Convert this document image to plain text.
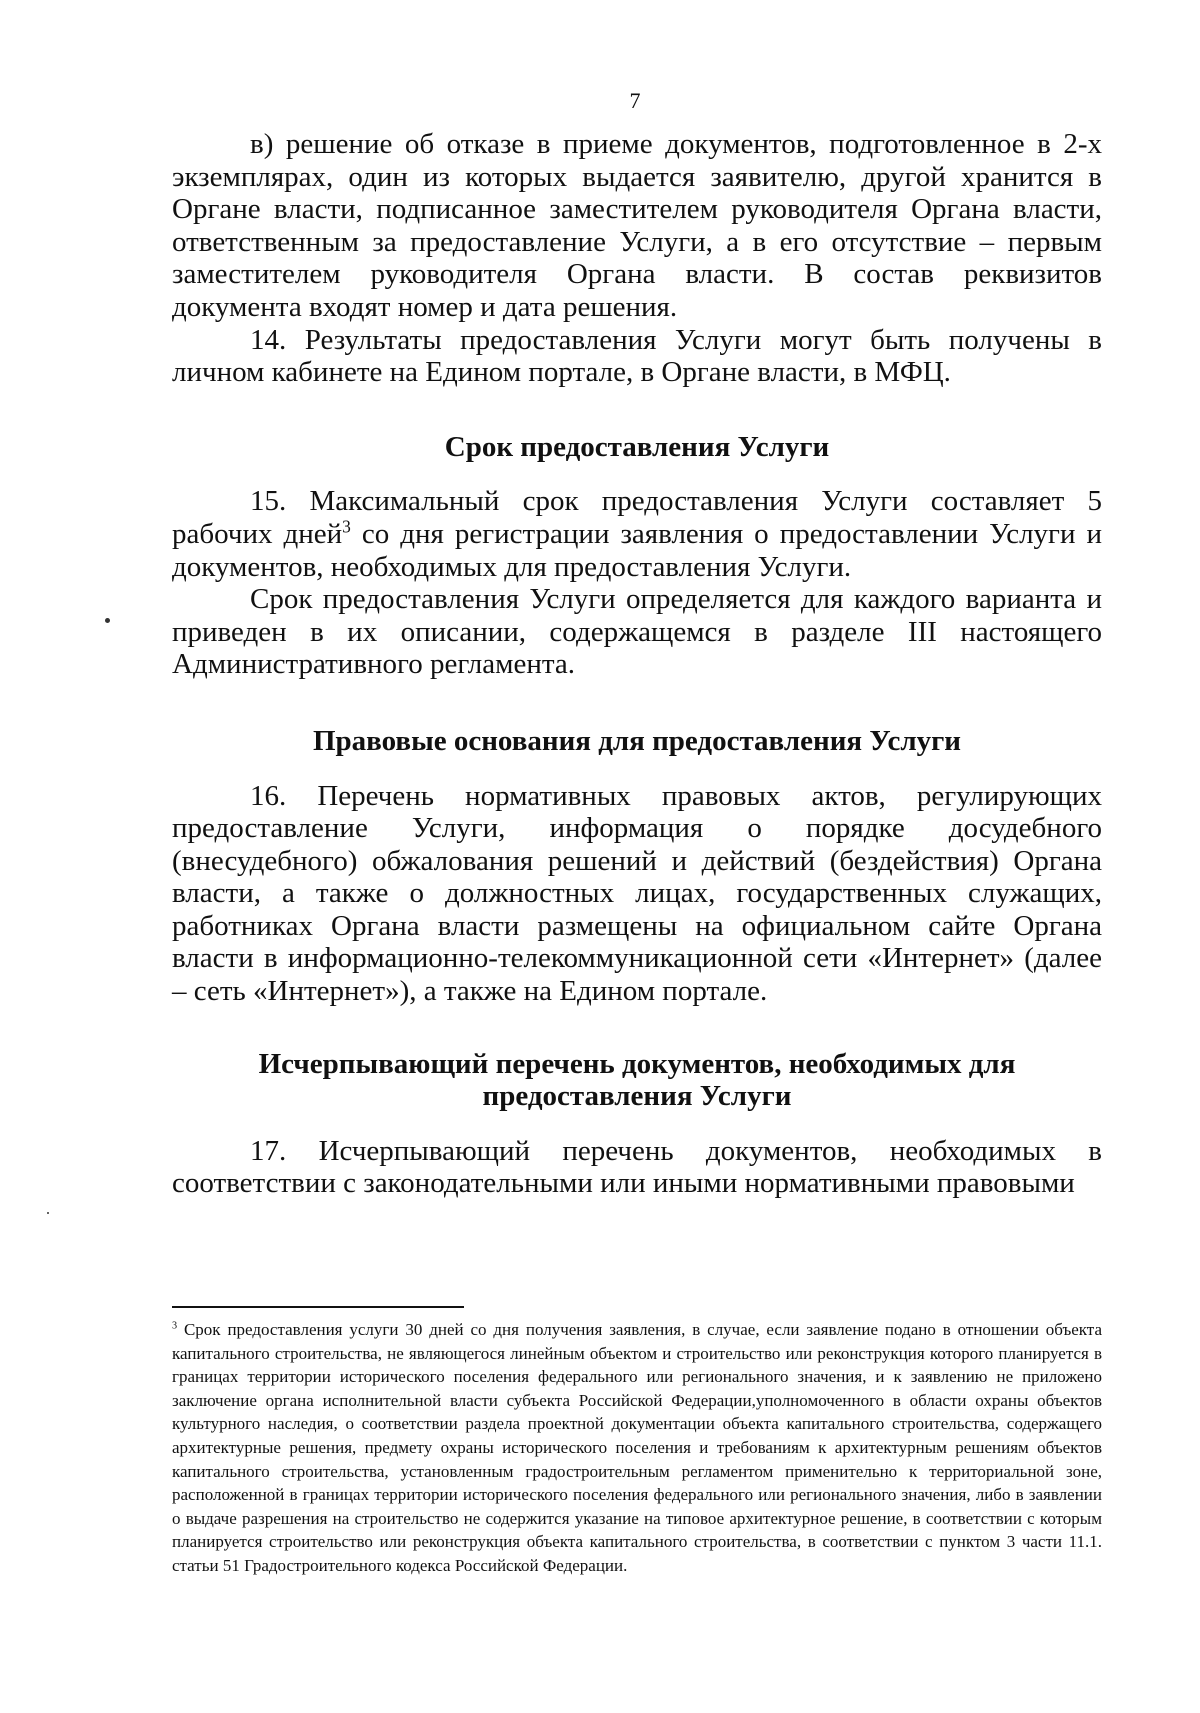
7

в) решение об отказе в приеме документов, подготовленное в 2-х экземплярах, один из которых выдается заявителю, другой хранится в Органе власти, подписанное заместителем руководителя Органа власти, ответственным за предоставление Услуги, а в его отсутствие – первым заместителем руководителя Органа власти. В состав реквизитов документа входят номер и дата решения.

14. Результаты предоставления Услуги могут быть получены в личном кабинете на Едином портале, в Органе власти, в МФЦ.

Срок предоставления Услуги

15. Максимальный срок предоставления Услуги составляет 5 рабочих дней$^3$ со дня регистрации заявления о предоставлении Услуги и документов, необходимых для предоставления Услуги.

Срок предоставления Услуги определяется для каждого варианта и приведен в их описании, содержащемся в разделе III настоящего Административного регламента.

Правовые основания для предоставления Услуги

16. Перечень нормативных правовых актов, регулирующих предоставление Услуги, информация о порядке досудебного (внесудебного) обжалования решений и действий (бездействия) Органа власти, а также о должностных лицах, государственных служащих, работниках Органа власти размещены на официальном сайте Органа власти в информационно-телекоммуникационной сети «Интернет» (далее – сеть «Интернет»), а также на Едином портале.

Исчерпывающий перечень документов, необходимых для предоставления Услуги

17. Исчерпывающий перечень документов, необходимых в соответствии с законодательными или иными нормативными правовыми

$^3$ Срок предоставления услуги 30 дней со дня получения заявления, в случае, если заявление подано в отношении объекта капитального строительства, не являющегося линейным объектом и строительство или реконструкция которого планируется в границах территории исторического поселения федерального или регионального значения, и к заявлению не приложено заключение органа исполнительной власти субъекта Российской Федерации,уполномоченного в области охраны объектов культурного наследия, о соответствии раздела проектной документации объекта капитального строительства, содержащего архитектурные решения, предмету охраны исторического поселения и требованиям к архитектурным решениям объектов капитального строительства, установленным градостроительным регламентом применительно к территориальной зоне, расположенной в границах территории исторического поселения федерального или регионального значения, либо в заявлении о выдаче разрешения на строительство не содержится указание на типовое архитектурное решение, в соответствии с которым планируется строительство или реконструкция объекта капитального строительства, в соответствии с пунктом 3 части 11.1. статьи 51 Градостроительного кодекса Российской Федерации.
